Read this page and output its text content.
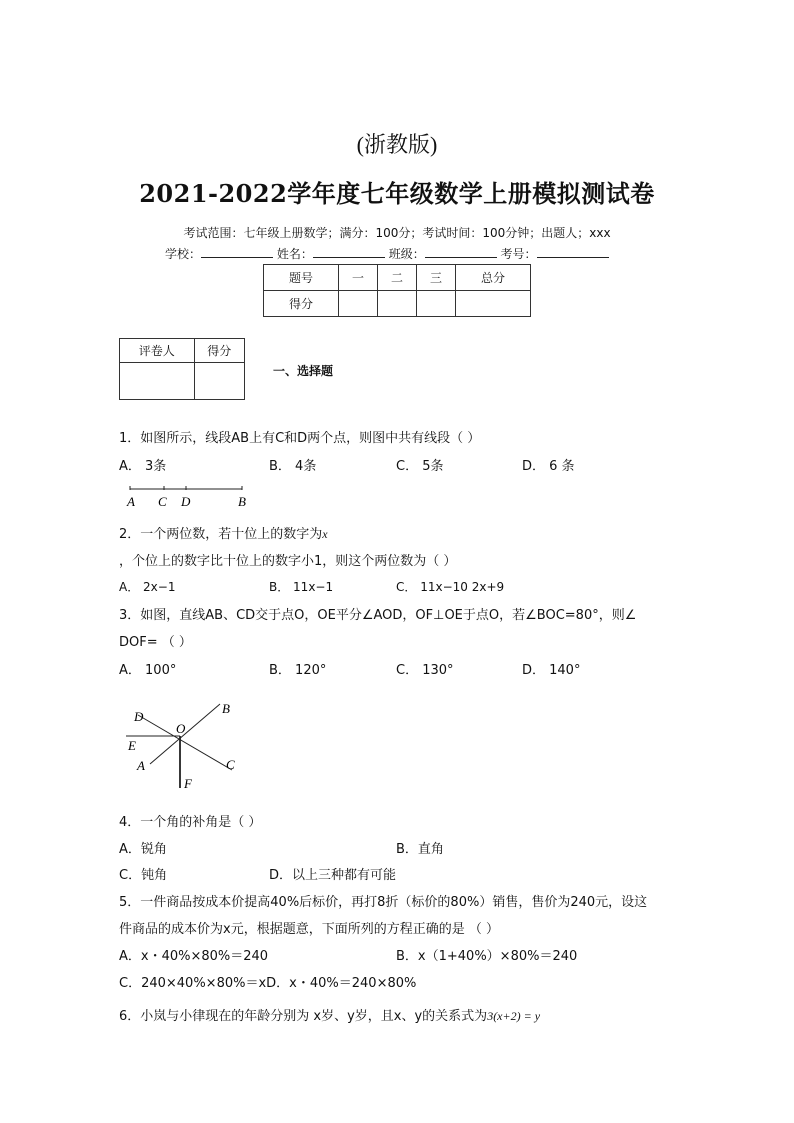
(浙教版)
2021-2022学年度七年级数学上册模拟测试卷
考试范围：七年级上册数学；满分：100分；考试时间：100分钟；出题人；xxx
学校：	姓名：	班级：	考号：
题号	一	二	三	总分
得分				
评卷人	得分

一、选择题
1．如图所示，线段AB上有C和D两个点，则图中共有线段（ ）
A． 3条	B． 4条	C． 5条	D． 6 条
A C D	B
2．一个两位数，若十位上的数字为x
，个位上的数字比十位上的数字小1，则这个两位数为（ ）
A． 2x−1	B． 11x−1	C． 11x−10 2x+9
3．如图，直线AB、CD交于点O，OE平分∠AOD，OF⊥OE于点O，若∠BOC=80°，则∠
DOF= （ ）
A． 100°	B． 120°	C． 130°	D． 140°
D
O
B
E
A	C
F
4．一个角的补角是（ ）
A．锐角	B．直角
C．钝角	D．以上三种都有可能
5．一件商品按成本价提高40%后标价，再打8折（标价的80%）销售，售价为240元，设这
件商品的成本价为x元，根据题意，下面所列的方程正确的是 （ ）
A．x・40%×80%＝240	B．x（1+40%）×80%＝240
C．240×40%×80%＝xD．x・40%＝240×80%
6．小岚与小律现在的年龄分别为 x岁、y岁，且x、y的关系式为3(x+2) = y
